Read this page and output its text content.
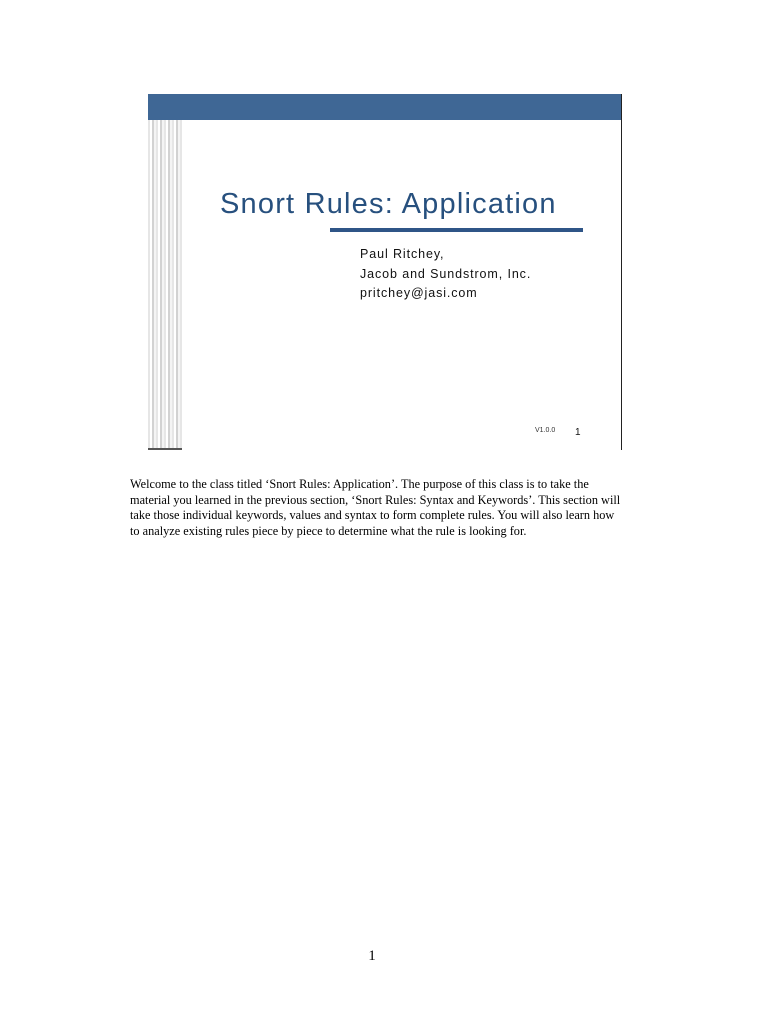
Snort Rules: Application
Paul Ritchey,
Jacob and Sundstrom, Inc.
pritchey@jasi.com
V1.0.0 1

Welcome to the class titled ‘Snort Rules: Application’. The purpose of this class is to take the
material you learned in the previous section, ‘Snort Rules: Syntax and Keywords’. This section will
take those individual keywords, values and syntax to form complete rules. You will also learn how
to analyze existing rules piece by piece to determine what the rule is looking for.

1
